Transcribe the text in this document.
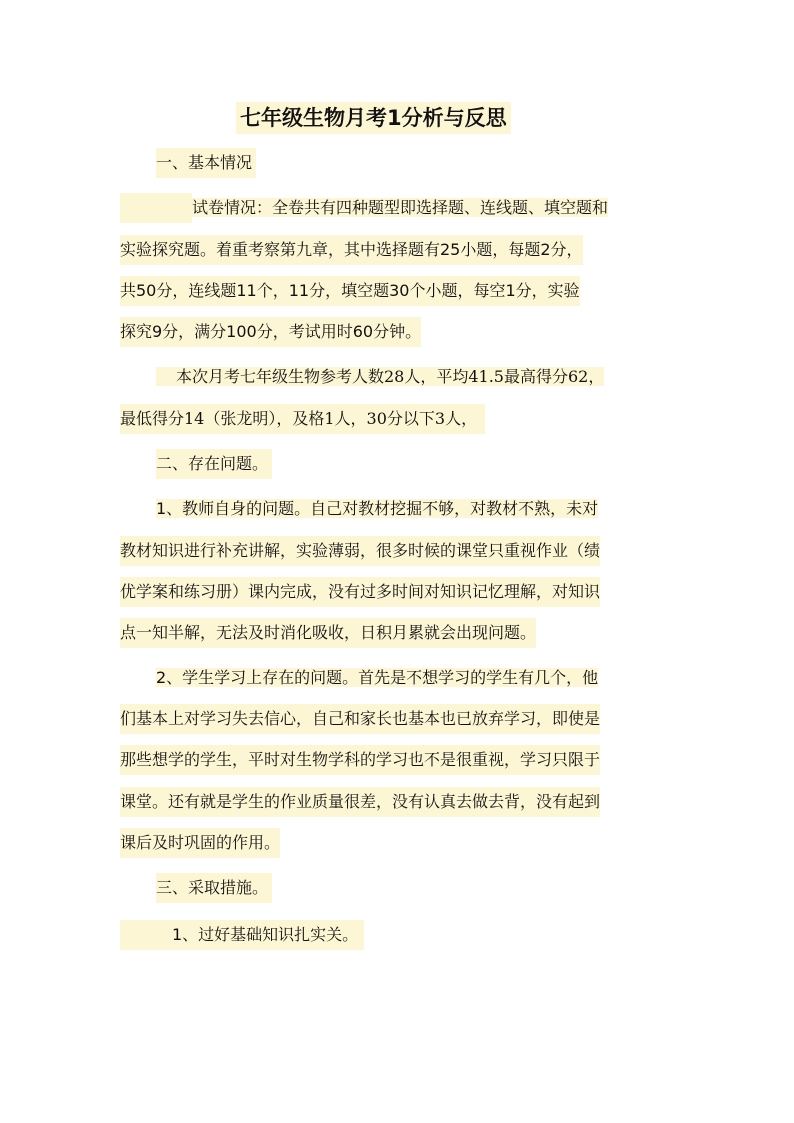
七年级生物月考1分析与反思
一、基本情况
试卷情况：全卷共有四种题型即选择题、连线题、填空题和
实验探究题。着重考察第九章，其中选择题有25小题，每题2分，
共50分，连线题11个，11分，填空题30个小题，每空1分，实验
探究9分，满分100分，考试用时60分钟。
本次月考七年级生物参考人数28人，平均41.5最高得分62，
最低得分14（张龙明），及格1人，30分以下3人，
二、存在问题。
1、教师自身的问题。自己对教材挖掘不够，对教材不熟，未对
教材知识进行补充讲解，实验薄弱，很多时候的课堂只重视作业（绩
优学案和练习册）课内完成，没有过多时间对知识记忆理解，对知识
点一知半解，无法及时消化吸收，日积月累就会出现问题。
2、学生学习上存在的问题。首先是不想学习的学生有几个，他
们基本上对学习失去信心，自己和家长也基本也已放弃学习，即使是
那些想学的学生，平时对生物学科的学习也不是很重视，学习只限于
课堂。还有就是学生的作业质量很差，没有认真去做去背，没有起到
课后及时巩固的作用。
三、采取措施。
1、过好基础知识扎实关。
